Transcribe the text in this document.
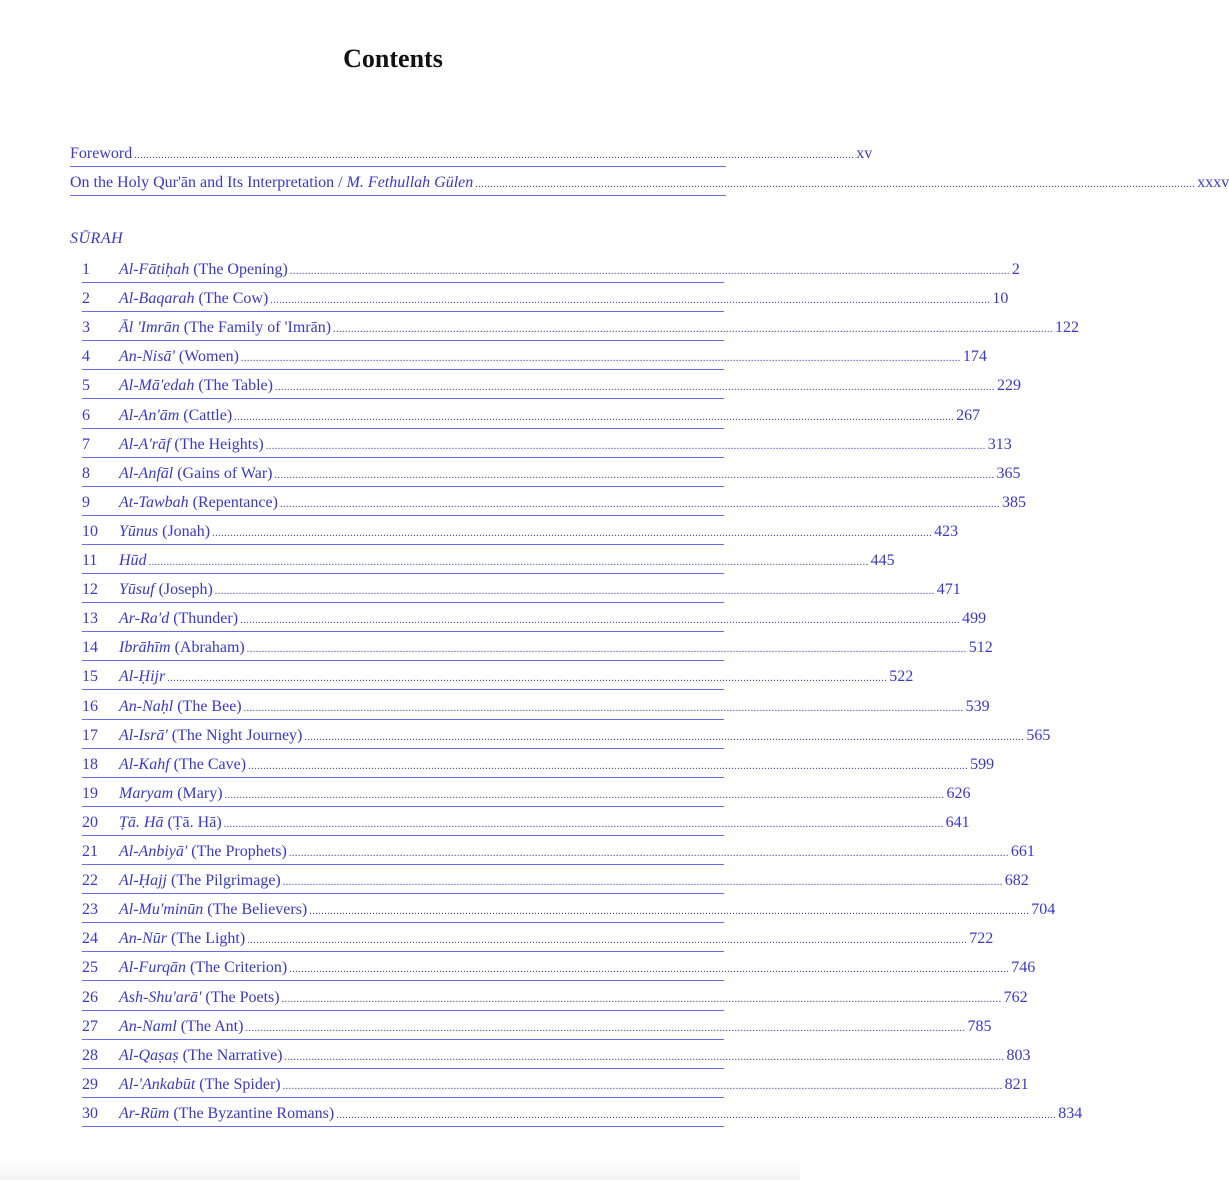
Contents
Foreword ................................................................................................................................................................................................................................................ xv
On the Holy Qur'ān and Its Interpretation / M. Fethullah Gülen ................................................................................................................................................................................................................................................ xxxv
SŪRAH
1 Al-Fātiḥah (The Opening) ................................................................................................................................................................................................................................................ 2
2 Al-Baqarah (The Cow) ................................................................................................................................................................................................................................................ 10
3 Āl 'Imrān (The Family of 'Imrān) ................................................................................................................................................................................................................................................ 122
4 An-Nisā' (Women) ................................................................................................................................................................................................................................................ 174
5 Al-Mā'edah (The Table) ................................................................................................................................................................................................................................................ 229
6 Al-An'ām (Cattle) ................................................................................................................................................................................................................................................ 267
7 Al-A'rāf (The Heights) ................................................................................................................................................................................................................................................ 313
8 Al-Anfāl (Gains of War) ................................................................................................................................................................................................................................................ 365
9 At-Tawbah (Repentance) ................................................................................................................................................................................................................................................ 385
10 Yūnus (Jonah) ................................................................................................................................................................................................................................................ 423
11 Hūd ................................................................................................................................................................................................................................................ 445
12 Yūsuf (Joseph) ................................................................................................................................................................................................................................................ 471
13 Ar-Ra'd (Thunder) ................................................................................................................................................................................................................................................ 499
14 Ibrāhīm (Abraham) ................................................................................................................................................................................................................................................ 512
15 Al-Ḥijr ................................................................................................................................................................................................................................................ 522
16 An-Naḥl (The Bee) ................................................................................................................................................................................................................................................ 539
17 Al-Isrā' (The Night Journey) ................................................................................................................................................................................................................................................ 565
18 Al-Kahf (The Cave) ................................................................................................................................................................................................................................................ 599
19 Maryam (Mary) ................................................................................................................................................................................................................................................ 626
20 Ṭā. Hā (Ṭā. Hā) ................................................................................................................................................................................................................................................ 641
21 Al-Anbiyā' (The Prophets) ................................................................................................................................................................................................................................................ 661
22 Al-Ḥajj (The Pilgrimage) ................................................................................................................................................................................................................................................ 682
23 Al-Mu'minūn (The Believers) ................................................................................................................................................................................................................................................ 704
24 An-Nūr (The Light) ................................................................................................................................................................................................................................................ 722
25 Al-Furqān (The Criterion) ................................................................................................................................................................................................................................................ 746
26 Ash-Shu'arā' (The Poets) ................................................................................................................................................................................................................................................ 762
27 An-Naml (The Ant) ................................................................................................................................................................................................................................................ 785
28 Al-Qaṣaṣ (The Narrative) ................................................................................................................................................................................................................................................ 803
29 Al-'Ankabūt (The Spider) ................................................................................................................................................................................................................................................ 821
30 Ar-Rūm (The Byzantine Romans) ................................................................................................................................................................................................................................................ 834
